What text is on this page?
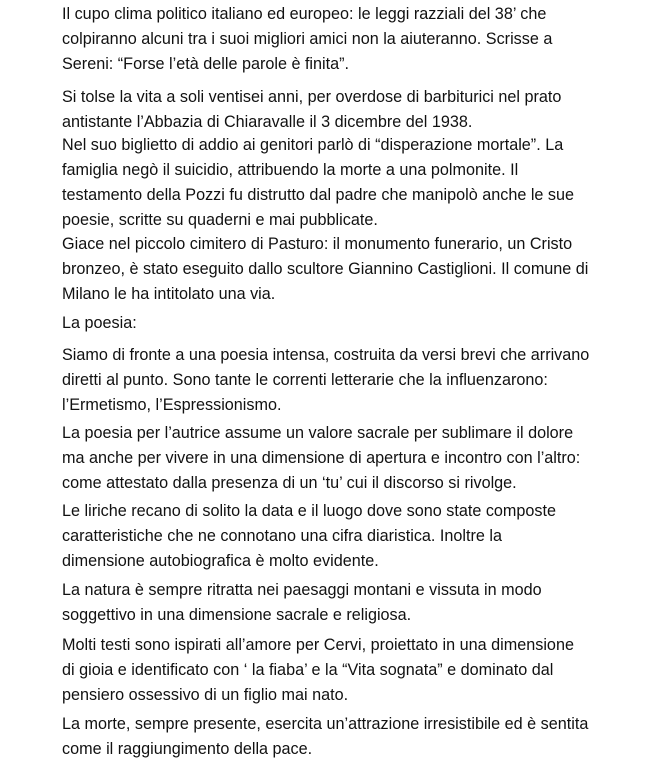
Il cupo clima politico italiano ed europeo: le leggi razziali del 38’ che
colpiranno alcuni tra i suoi migliori amici non la aiuteranno. Scrisse a
Sereni: “Forse l’età delle parole è finita”.

Si tolse la vita a soli ventisei anni, per overdose di barbiturici nel prato
antistante l’Abbazia di Chiaravalle il 3 dicembre del 1938.

Nel suo biglietto di addio ai genitori parlò di “disperazione mortale”. La
famiglia negò il suicidio, attribuendo la morte a una polmonite. Il
testamento della Pozzi fu distrutto dal padre che manipolò anche le sue
poesie, scritte su quaderni e mai pubblicate.

Giace nel piccolo cimitero di Pasturo: il monumento funerario, un Cristo
bronzeo, è stato eseguito dallo scultore Giannino Castiglioni. Il comune di
Milano le ha intitolato una via.

La poesia:

Siamo di fronte a una poesia intensa, costruita da versi brevi che arrivano
diretti al punto. Sono tante le correnti letterarie che la influenzarono:
l’Ermetismo, l’Espressionismo.

La poesia per l’autrice assume un valore sacrale per sublimare il dolore
ma anche per vivere in una dimensione di apertura e incontro con l’altro:
come attestato dalla presenza di un ‘tu’ cui il discorso si rivolge.

Le liriche recano di solito la data e il luogo dove sono state composte
caratteristiche che ne connotano una cifra diaristica. Inoltre la
dimensione autobiografica è molto evidente.

La natura è sempre ritratta nei paesaggi montani e vissuta in modo
soggettivo in una dimensione sacrale e religiosa.

Molti testi sono ispirati all’amore per Cervi, proiettato in una dimensione
di gioia e identificato con ‘ la fiaba’ e la “Vita sognata” e dominato dal
pensiero ossessivo di un figlio mai nato.

La morte, sempre presente, esercita un’attrazione irresistibile ed è sentita
come il raggiungimento della pace.
